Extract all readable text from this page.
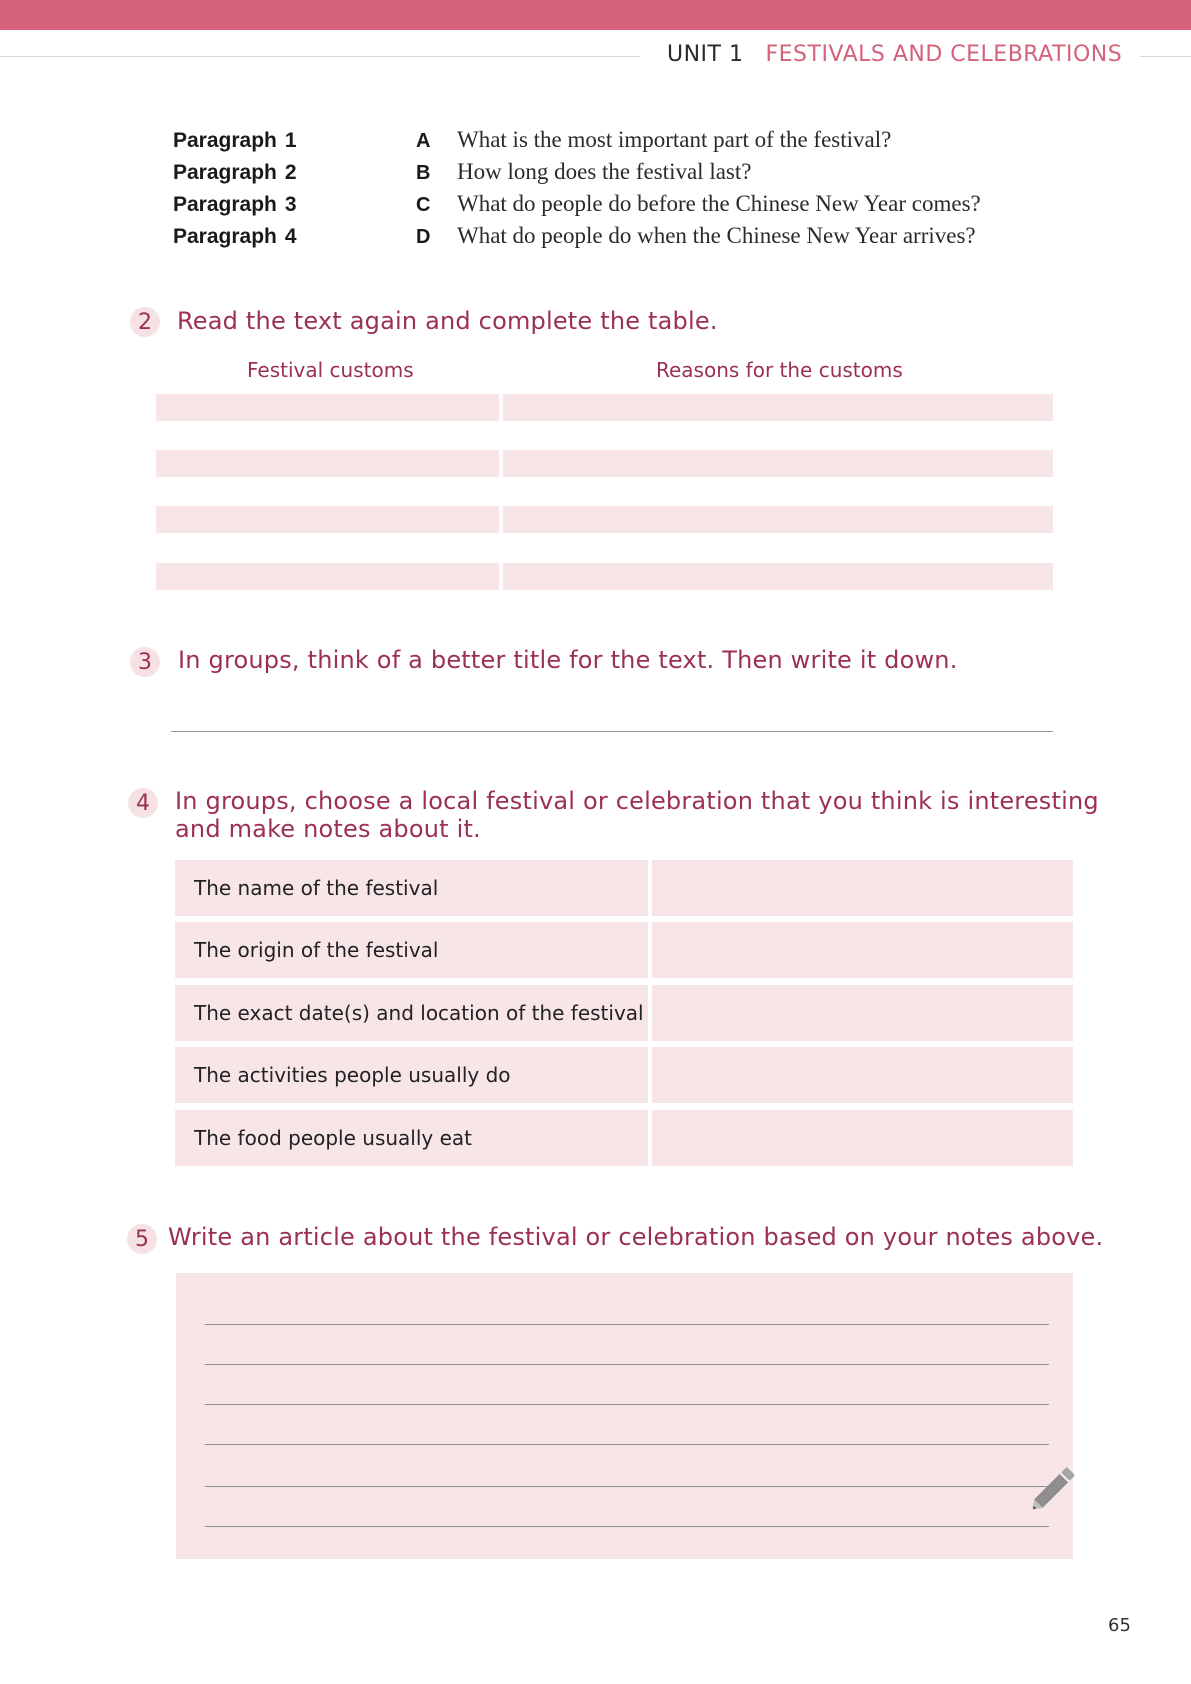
UNIT 1 FESTIVALS AND CELEBRATIONS
Paragraph 1	A What is the most important part of the festival?
Paragraph 2	B How long does the festival last?
Paragraph 3	C What do people do before the Chinese New Year comes?
Paragraph 4	D What do people do when the Chinese New Year arrives?
2	Read the text again and complete the table.
Festival customs	Reasons for the customs
3	In groups, think of a better title for the text. Then write it down.
4	In groups, choose a local festival or celebration that you think is interesting
and make notes about it.
The name of the festival
The origin of the festival
The exact date(s) and location of the festival
The activities people usually do
The food people usually eat
5 Write an article about the festival or celebration based on your notes above.
65
